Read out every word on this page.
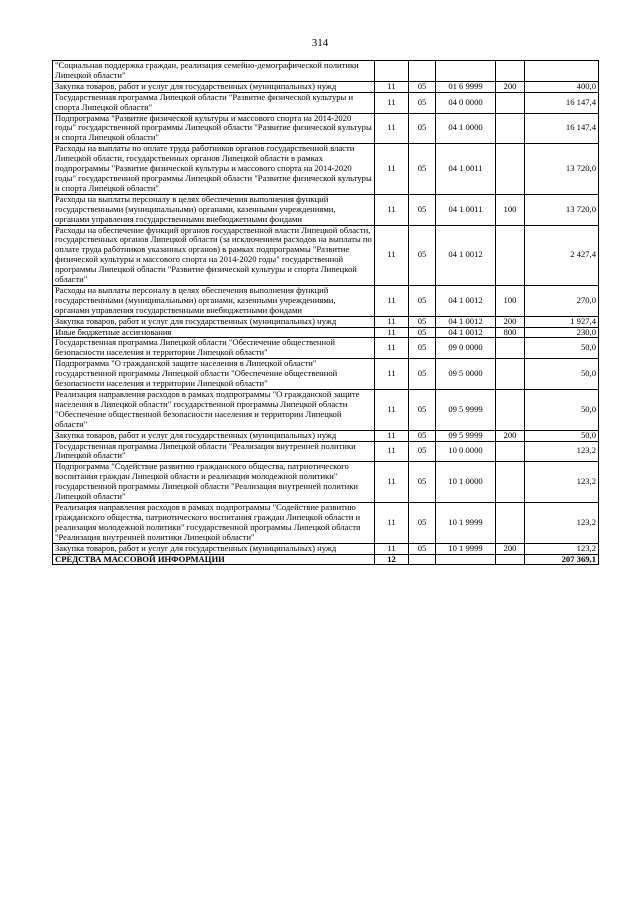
314
"Социальная поддержка граждан, реализация семейно-демографической политики Липецкой области"					
Закупка товаров, работ и услуг для государственных (муниципальных) нужд	11	05	01 6 9999	200	400,0
Государственная программа Липецкой области "Развитие физической культуры и спорта Липецкой области"	11	05	04 0 0000		16 147,4
Подпрограмма "Развитие физической культуры и массового спорта на 2014-2020 годы" государственной программы Липецкой области "Развитие физической культуры и спорта Липецкой области"	11	05	04 1 0000		16 147,4
Расходы на выплаты по оплате труда работников органов государственной власти Липецкой области, государственных органов Липецкой области в рамках подпрограммы "Развитие физической культуры и массового спорта на 2014-2020 годы" государственной программы Липецкой области "Развитие физической культуры и спорта Липецкой области"	11	05	04 1 0011		13 720,0
Расходы на выплаты персоналу в целях обеспечения выполнения функций государственными (муниципальными) органами, казенными учреждениями, органами управления государственными внебюджетными фондами	11	05	04 1 0011	100	13 720,0
Расходы на обеспечение функций органов государственной власти Липецкой области, государственных органов Липецкой области (за исключением расходов на выплаты по оплате труда работников указанных органов) в рамках подпрограммы "Развитие физической культуры и массового спорта на 2014-2020 годы" государственной программы Липецкой области "Развитие физической культуры и спорта Липецкой области"	11	05	04 1 0012		2 427,4
Расходы на выплаты персоналу в целях обеспечения выполнения функций государственными (муниципальными) органами, казенными учреждениями, органами управления государственными внебюджетными фондами	11	05	04 1 0012	100	270,0
Закупка товаров, работ и услуг для государственных (муниципальных) нужд	11	05	04 1 0012	200	1 927,4
Иные бюджетные ассигнования	11	05	04 1 0012	800	230,0
Государственная программа Липецкой области "Обеспечение общественной безопасности населения и территории Липецкой области"	11	05	09 0 0000		50,0
Подпрограмма "О гражданской защите населения в Липецкой области" государственной программы Липецкой области "Обеспечение общественной безопасности населения и территории Липецкой области"	11	05	09 5 0000		50,0
Реализация направления расходов в рамках подпрограммы "О гражданской защите населения в Липецкой области" государственной программы Липецкой области "Обеспечение общественной безопасности населения и территории Липецкой области"	11	05	09 5 9999		50,0
Закупка товаров, работ и услуг для государственных (муниципальных) нужд	11	05	09 5 9999	200	50,0
Государственная программа Липецкой области "Реализация внутренней политики Липецкой области"	11	05	10 0 0000		123,2
Подпрограмма "Содействие развитию гражданского общества, патриотического воспитания граждан Липецкой области и реализация молодежной политики" государственной программы Липецкой области "Реализация внутренней политики Липецкой области"	11	05	10 1 0000		123,2
Реализация направления расходов в рамках подпрограммы "Содействие развитию гражданского общества, патриотического воспитания граждан Липецкой области и реализация молодежной политики" государственной программы Липецкой области "Реализация внутренней политики Липецкой области"	11	05	10 1 9999		123,2
Закупка товаров, работ и услуг для государственных (муниципальных) нужд	11	05	10 1 9999	200	123,2
СРЕДСТВА МАССОВОЙ ИНФОРМАЦИИ	12				207 369,1
